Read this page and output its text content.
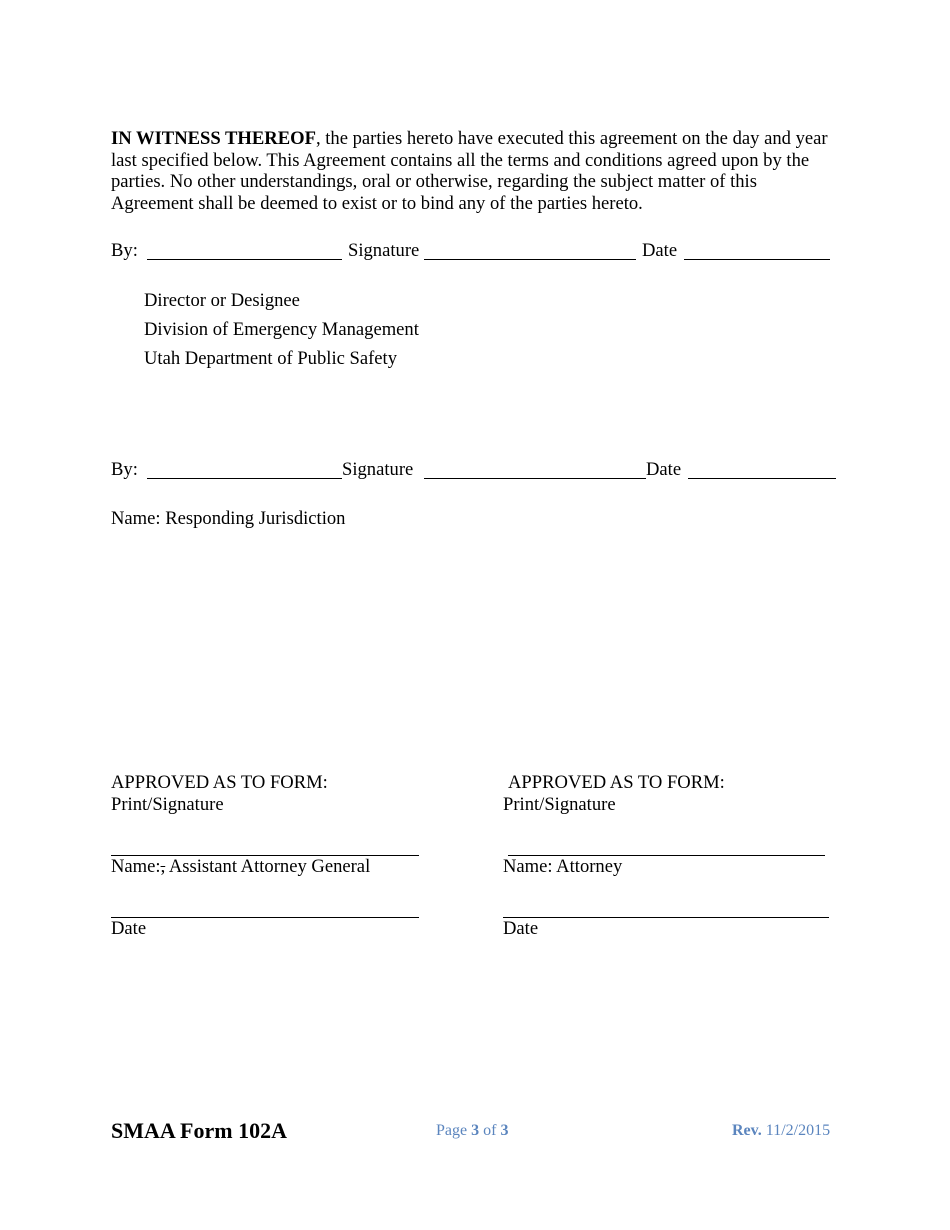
IN WITNESS THEREOF, the parties hereto have executed this agreement on the day and year

last specified below. This Agreement contains all the terms and conditions agreed upon by the

parties. No other understandings, oral or otherwise, regarding the subject matter of this

Agreement shall be deemed to exist or to bind any of the parties hereto.

By:	Signature	Date
Director or Designee
Division of Emergency Management
Utah Department of Public Safety
By:	Signature	Date
Name: Responding Jurisdiction
APPROVED AS TO FORM:
Print/Signature
Name:, Assistant Attorney General
Date
APPROVED AS TO FORM:
Print/Signature
Name: Attorney
Date
SMAA Form 102A	Page 3 of 3	Rev. 11/2/2015
